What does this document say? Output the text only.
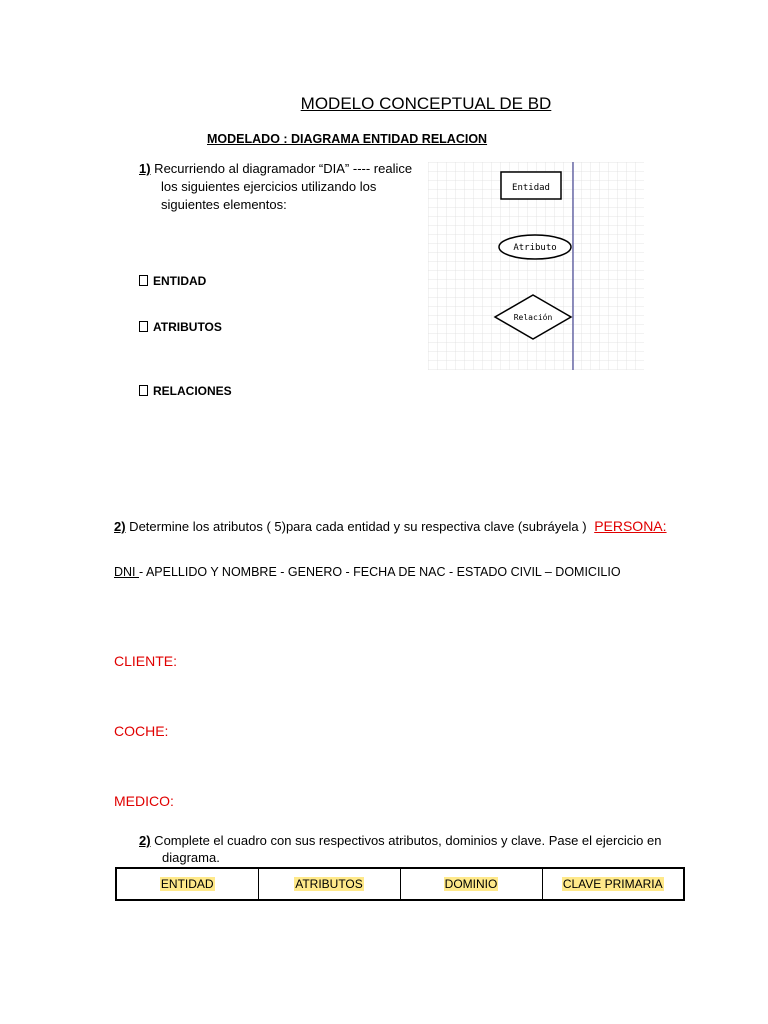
MODELO CONCEPTUAL DE BD
MODELADO : DIAGRAMA ENTIDAD RELACION
1) Recurriendo al diagramador “DIA” ---- realice
los siguientes ejercicios utilizando los
siguientes elementos:
ENTIDAD
ATRIBUTOS
RELACIONES
Entidad
Atributo
Relación
2) Determine los atributos ( 5)para cada entidad y su respectiva clave (subráyela ) PERSONA:
DNI - APELLIDO Y NOMBRE - GENERO - FECHA DE NAC - ESTADO CIVIL – DOMICILIO
CLIENTE:
COCHE:
MEDICO:
2) Complete el cuadro con sus respectivos atributos, dominios y clave. Pase el ejercicio en
diagrama.
ENTIDAD	ATRIBUTOS	DOMINIO	CLAVE PRIMARIA
